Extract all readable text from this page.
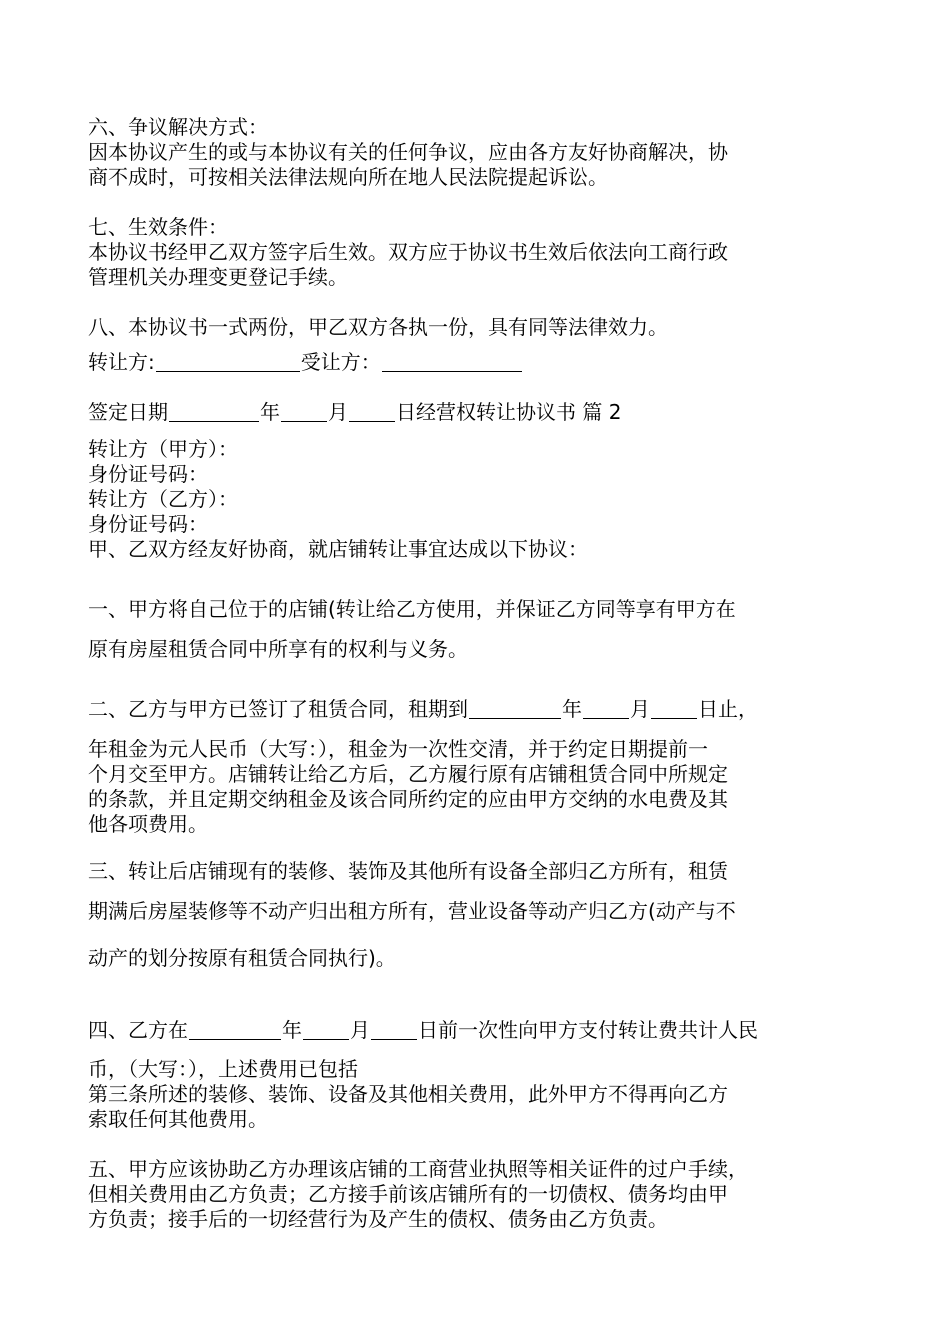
六、争议解决方式：

因本协议产生的或与本协议有关的任何争议，应由各方友好协商解决，协

商不成时，可按相关法律法规向所在地人民法院提起诉讼。

七、生效条件：

本协议书经甲乙双方签字后生效。双方应于协议书生效后依法向工商行政

管理机关办理变更登记手续。

八、本协议书一式两份，甲乙双方各执一份，具有同等法律效力。

转让方:	受让方：

签定日期	年 月 日经营权转让协议书 篇 2

转让方（甲方）：

身份证号码：

转让方（乙方）：

身份证号码：

甲、乙双方经友好协商，就店铺转让事宜达成以下协议：

一、甲方将自己位于的店铺(转让给乙方使用，并保证乙方同等享有甲方在

原有房屋租赁合同中所享有的权利与义务。

二、乙方与甲方已签订了租赁合同，租期到	年 月 日止，

年租金为元人民币（大写：），租金为一次性交清，并于约定日期提前一

个月交至甲方。店铺转让给乙方后，乙方履行原有店铺租赁合同中所规定

的条款，并且定期交纳租金及该合同所约定的应由甲方交纳的水电费及其

他各项费用。

三、转让后店铺现有的装修、装饰及其他所有设备全部归乙方所有，租赁

期满后房屋装修等不动产归出租方所有，营业设备等动产归乙方(动产与不

动产的划分按原有租赁合同执行)。

四、乙方在	年 月 日前一次性向甲方支付转让费共计人民

币，（大写：），上述费用已包括

第三条所述的装修、装饰、设备及其他相关费用，此外甲方不得再向乙方

索取任何其他费用。

五、甲方应该协助乙方办理该店铺的工商营业执照等相关证件的过户手续，

但相关费用由乙方负责；乙方接手前该店铺所有的一切债权、债务均由甲

方负责；接手后的一切经营行为及产生的债权、债务由乙方负责。
